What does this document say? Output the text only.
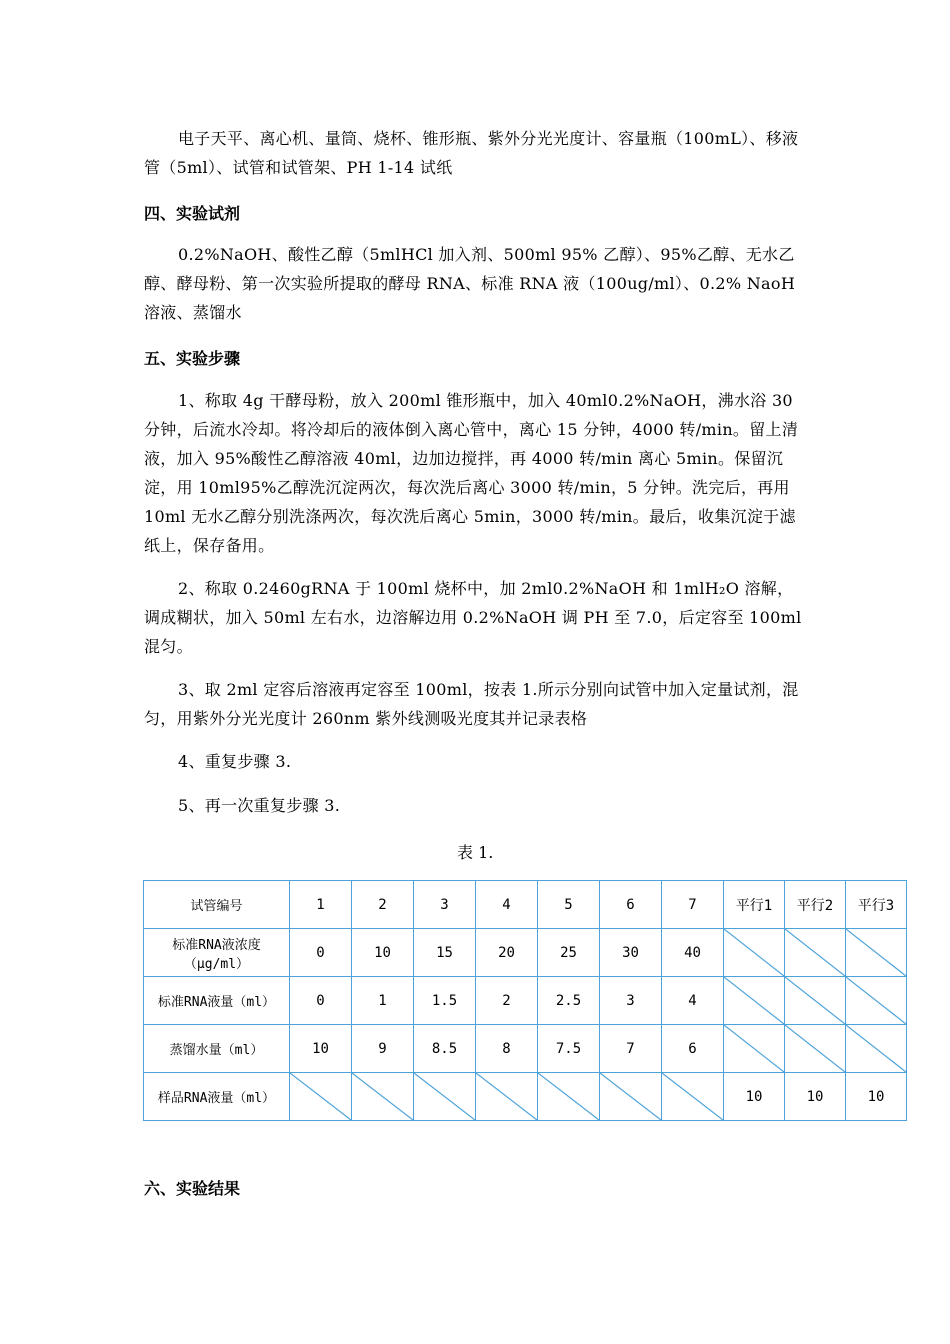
电子天平、离心机、量筒、烧杯、锥形瓶、紫外分光光度计、容量瓶（100mL）、移液管（5ml）、试管和试管架、PH 1-14 试纸

四、实验试剂

0.2%NaOH、酸性乙醇（5mlHCl 加入剂、500ml 95% 乙醇）、95%乙醇、无水乙醇、酵母粉、第一次实验所提取的酵母 RNA、标准 RNA 液（100ug/ml）、0.2% NaoH 溶液、蒸馏水

五、实验步骤

1、称取 4g 干酵母粉，放入 200ml 锥形瓶中，加入 40ml0.2%NaOH，沸水浴 30 分钟，后流水冷却。将冷却后的液体倒入离心管中，离心 15 分钟，4000 转/min。留上清液，加入 95%酸性乙醇溶液 40ml，边加边搅拌，再 4000 转/min 离心 5min。保留沉淀，用 10ml95%乙醇洗沉淀两次，每次洗后离心 3000 转/min，5 分钟。洗完后，再用 10ml 无水乙醇分别洗涤两次，每次洗后离心 5min，3000 转/min。最后，收集沉淀于滤纸上，保存备用。

2、称取 0.2460gRNA 于 100ml 烧杯中，加 2ml0.2%NaOH 和 1mlH₂O 溶解，调成糊状，加入 50ml 左右水，边溶解边用 0.2%NaOH 调 PH 至 7.0，后定容至 100ml 混匀。

3、取 2ml 定容后溶液再定容至 100ml，按表 1.所示分别向试管中加入定量试剂，混匀，用紫外分光光度计 260nm 紫外线测吸光度其并记录表格

4、重复步骤 3.

5、再一次重复步骤 3.

表 1.
试管编号	1	2	3	4	5	6	7	平行1	平行2	平行3
标准RNA液浓度（μg/ml）	0	10	15	20	25	30	40	

标准RNA液量（ml）	0	1	1.5	2	2.5	3	4	

蒸馏水量（ml）	10	9	8.5	8	7.5	7	6	

样品RNA液量（ml）								10	10	10
六、实验结果
